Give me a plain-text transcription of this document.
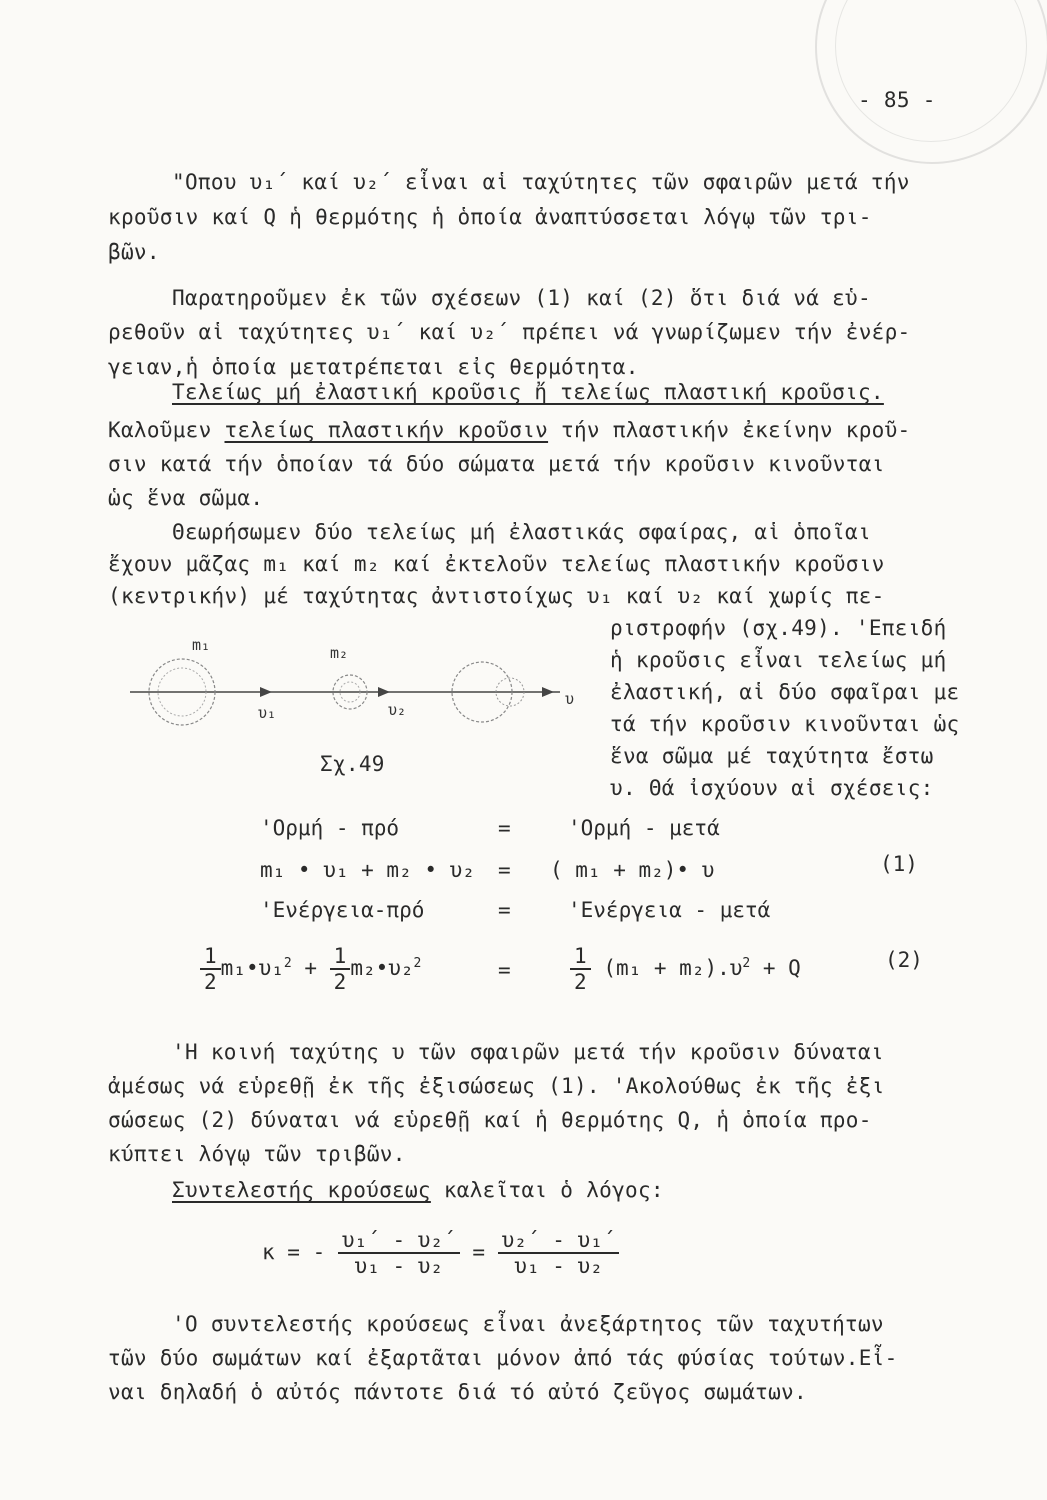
- 85 -
"Οπου υ₁΄ καί υ₂΄ εἶναι αἱ ταχύτητες τῶν σφαιρῶν μετά τήν
κροῦσιν καί Q ἡ θερμότης ἡ ὁποία ἀναπτύσσεται λόγῳ τῶν τρι-
βῶν.
Παρατηροῦμεν ἐκ τῶν σχέσεων (1) καί (2) ὅτι διά νά εὑ-
ρεθοῦν αἱ ταχύτητες υ₁΄ καί υ₂΄ πρέπει νά γνωρίζωμεν τήν ἐνέρ-
γειαν,ἡ ὁποία μετατρέπεται εἰς θερμότητα.
Τελείως μή ἐλαστική κροῦσις ἤ τελείως πλαστική κροῦσις.
Καλοῦμεν τελείως πλαστικήν κροῦσιν τήν πλαστικήν ἐκείνην κροῦ-
σιν κατά τήν ὁποίαν τά δύο σώματα μετά τήν κροῦσιν κινοῦνται
ὡς ἕνα σῶμα.
Θεωρήσωμεν δύο τελείως μή ἐλαστικάς σφαίρας, αἱ ὁποῖαι
ἔχουν μᾶζας m₁ καί m₂ καί ἐκτελοῦν τελείως πλαστικήν κροῦσιν
(κεντρικήν) μέ ταχύτητας ἀντιστοίχως υ₁ καί υ₂ καί χωρίς πε-
ριστροφήν (σχ.49). 'Επειδή
ἡ κροῦσις εἶναι τελείως μή
ἐλαστική, αἱ δύο σφαῖραι με
τά τήν κροῦσιν κινοῦνται ὡς
ἕνα σῶμα μέ ταχύτητα ἔστω
υ. Θά ἰσχύουν αἱ σχέσεις:
m₁	m₂
υ₁	υ₂
υ
Σχ.49
'Ορμή - πρό	=	'Ορμή - μετά
m₁ • υ₁ + m₂ • υ₂ = ( m₁ + m₂)• υ	(1)
'Ενέργεια-πρό	=	'Ενέργεια - μετά
$\frac{1}{2}$ m₁•υ₁$^2$ + $\frac{1}{2}$ m₂•υ₂$^2$	=	$\frac{1}{2} (m_1 + m_2).\upsilon^2 + Q$	(2)
'Η κοινή ταχύτης υ τῶν σφαιρῶν μετά τήν κροῦσιν δύναται
ἀμέσως νά εὑρεθῇ ἐκ τῆς ἐξισώσεως (1). 'Ακολούθως ἐκ τῆς ἐξι
σώσεως (2) δύναται νά εὑρεθῇ καί ἡ θερμότης Q, ἡ ὁποία προ-
κύπτει λόγῳ τῶν τριβῶν.
Συντελεστής κρούσεως καλεῖται ὁ λόγος:
κ = - $\frac{\text{υ₁΄ - υ₂΄}}{\text{υ₁ - υ₂}} = \frac{\text{υ₂΄ - υ₁΄}}{\text{υ₁ - υ₂}}$
'Ο συντελεστής κρούσεως εἶναι ἀνεξάρτητος τῶν ταχυτήτων
τῶν δύο σωμάτων καί ἐξαρτᾶται μόνον ἀπό τάς φύσίας τούτων.Εἶ-
ναι δηλαδή ὁ αὐτός πάντοτε διά τό αὐτό ζεῦγος σωμάτων.
